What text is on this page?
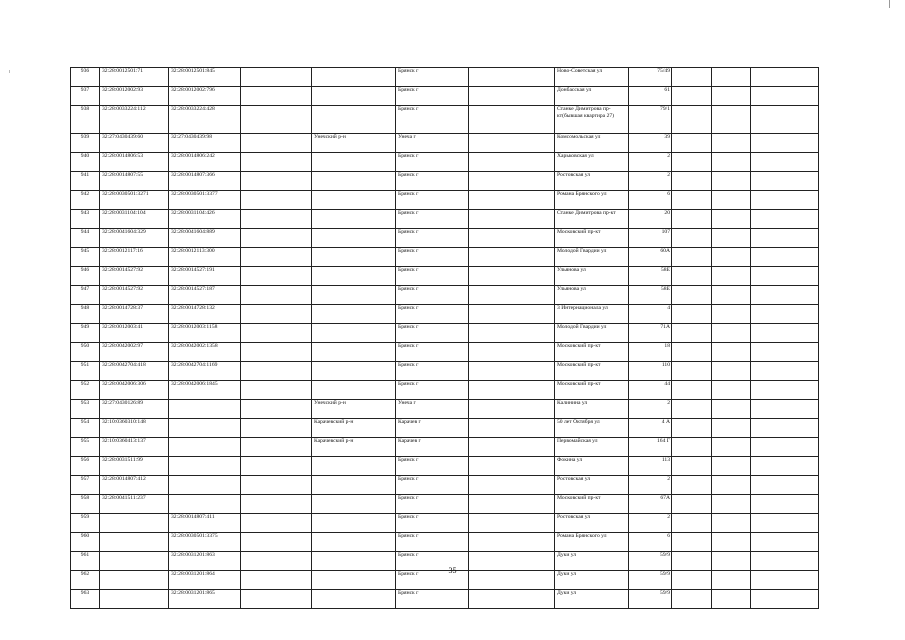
936	32:28:0012501:71	32:28:0012501:845			Брянск г		Ново-Советская ул	75/49			
937	32:28:0012002:93	32:28:0012002:796			Брянск г		Донбасская ул	61			
938	32:28:0033224:112	32:28:0033224:428			Брянск г		Станке Димитрова пр-кт(бывшая квартира 27)	79/1			
939	32:27:0430439:60	32:27:0430439:98		Унечский р-н	Унеча г		Комсомольская ул	39			
940	32:28:0014806:53	32:28:0014806:242			Брянск г		Харьковская ул	2			
941	32:28:0014807:55	32:28:0014807:366			Брянск г		Ростовская ул	2			
942	32:28:0030501:3271	32:28:0030501:3377			Брянск г		Романа Брянского ул	6			
943	32:28:0031104:104	32:28:0031104:426			Брянск г		Станке Димитрова пр-кт	20			
944	32:28:0041604:329	32:28:0041604:889			Брянск г		Московский пр-кт	107			
945	32:28:0012117:16	32:28:0012113:300			Брянск г		Молодой Гвардии ул	60А			
946	32:28:0014527:92	32:28:0014527:191			Брянск г		Ульянова ул	58Е			
947	32:28:0014527:92	32:28:0014527:187			Брянск г		Ульянова ул	58Е			
948	32:28:0014728:37	32:28:0014728:132			Брянск г		3 Интернационала ул	4			
949	32:28:0012003:41	32:28:0012003:1158			Брянск г		Молодой Гвардии ул	71А			
950	32:28:0042002:97	32:28:0042002:1358			Брянск г		Московский пр-кт	18			
951	32:28:0042704:418	32:28:0042704:1169			Брянск г		Московский пр-кт	110			
952	32:28:0042006:306	32:28:0042006:1845			Брянск г		Московский пр-кт	44			
953	32:27:0430126:89			Унечский р-н	Унеча г		Калинина ул	2			
954	32:10:0360310:148			Карачевский р-н	Карачев г		50 лет Октября ул	4 А			
955	32:10:0360413:137			Карачевский р-н	Карачев г		Первомайская ул	164 Г			
956	32:28:0031511:99				Брянск г		Фокина ул	113			
957	32:28:0014807:412				Брянск г		Ростовская ул	2			
958	32:28:0041511:237				Брянск г		Московский пр-кт	67А			
959		32:28:0014807:411			Брянск г		Ростовская ул	2			
960		32:28:0030501:3375			Брянск г		Романа Брянского ул	6			
961		32:28:0031201:863			Брянск г		Дуки ул	59/9			
962		32:28:0031201:864			Брянск г		Дуки ул	59/9			
963		32:28:0031201:865			Брянск г		Дуки ул	59/9			
35
